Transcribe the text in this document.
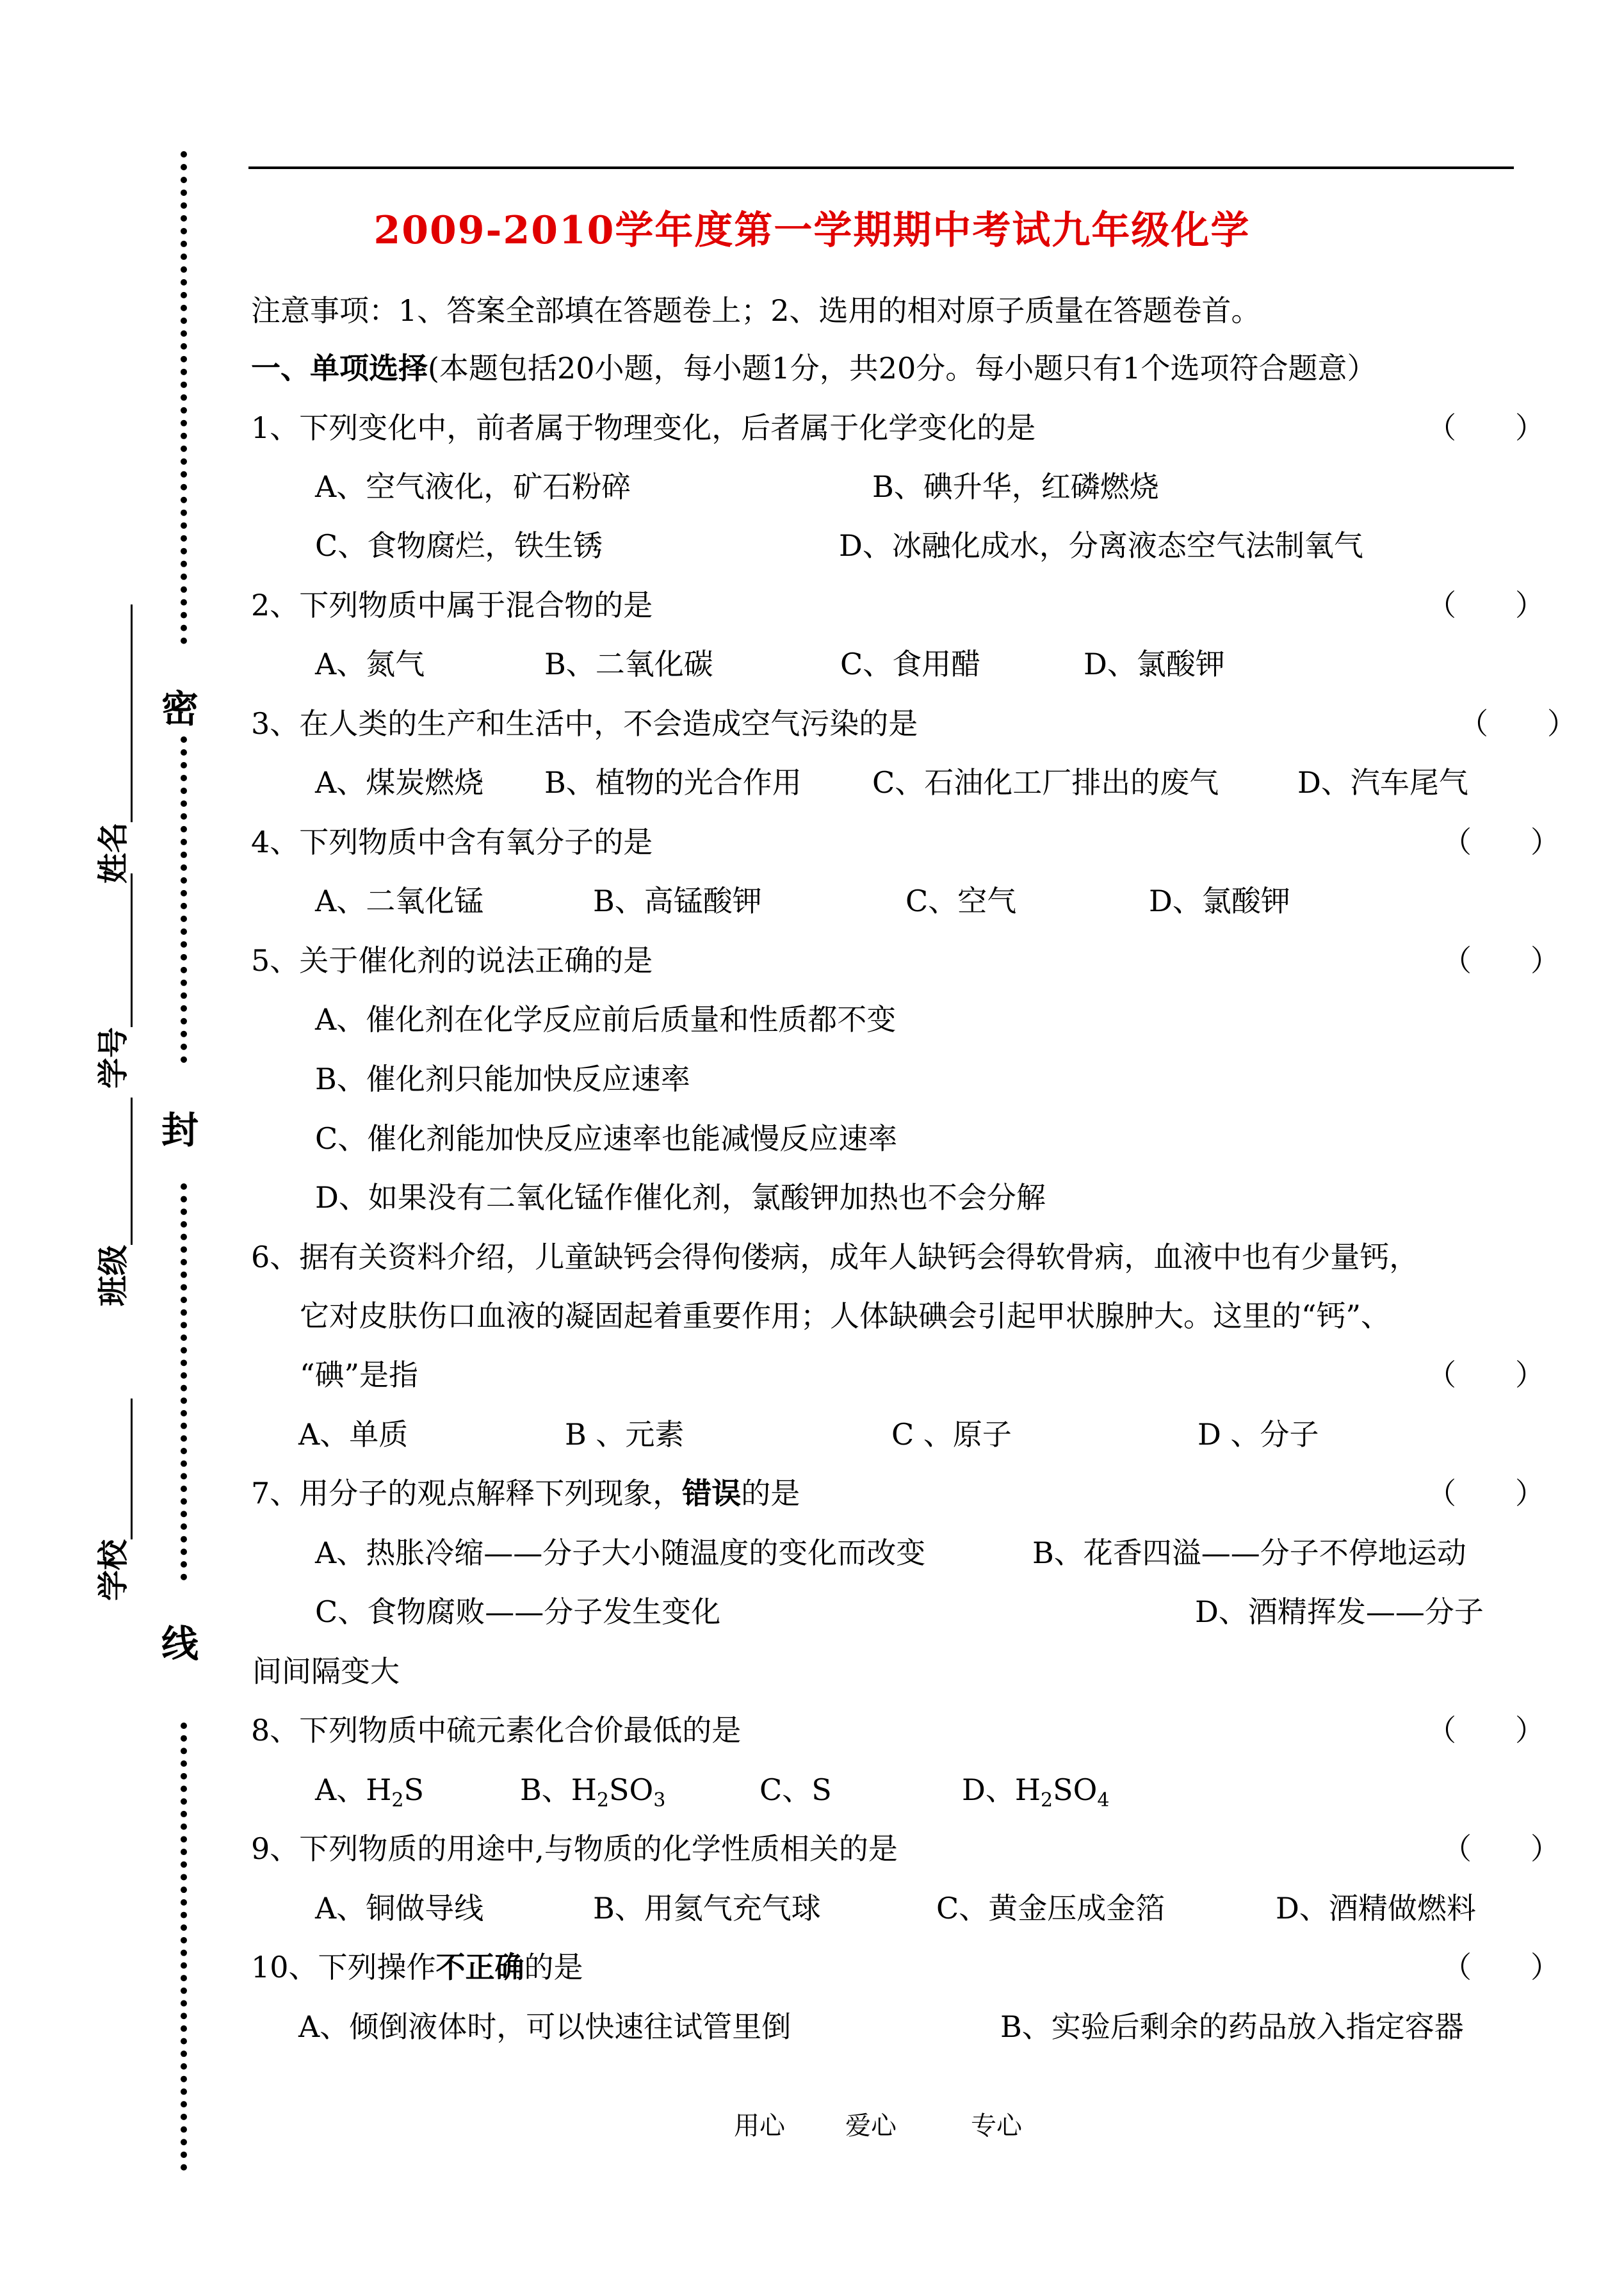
密
封
线
学校
班级
学号
姓名
2009-2010学年度第一学期期中考试九年级化学
注意事项：1、答案全部填在答题卷上；2、选用的相对原子质量在答题卷首。
一、单项选择(本题包括20小题，每小题1分，共20分。每小题只有1个选项符合题意）
1、下列变化中，前者属于物理变化，后者属于化学变化的是	（　　）
A、空气液化，矿石粉碎	B、碘升华，红磷燃烧
C、食物腐烂，铁生锈	D、冰融化成水，分离液态空气法制氧气
2、下列物质中属于混合物的是	（　　）
A、氮气	B、二氧化碳	C、食用醋	D、氯酸钾
3、在人类的生产和生活中，不会造成空气污染的是	（　　）
A、煤炭燃烧 B、植物的光合作用 C、石油化工厂排出的废气	D、汽车尾气
4、下列物质中含有氧分子的是	（　　）
A、二氧化锰	B、高锰酸钾	C、空气	D、氯酸钾
5、关于催化剂的说法正确的是	（　　）
A、催化剂在化学反应前后质量和性质都不变
B、催化剂只能加快反应速率
C、催化剂能加快反应速率也能减慢反应速率
D、如果没有二氧化锰作催化剂，氯酸钾加热也不会分解
6、据有关资料介绍，儿童缺钙会得佝偻病，成年人缺钙会得软骨病，血液中也有少量钙，
它对皮肤伤口血液的凝固起着重要作用；人体缺碘会引起甲状腺肿大。这里的“钙”、
“碘”是指	（　　）
A、单质	B 、元素	C 、原子	D 、分子
7、用分子的观点解释下列现象，错误的是	（　　）
A、热胀冷缩——分子大小随温度的变化而改变	B、花香四溢——分子不停地运动
C、食物腐败——分子发生变化	D、酒精挥发——分子
间间隔变大
8、下列物质中硫元素化合价最低的是	（　　）
A、$H_2S$	B、$H_2SO_3$	C、S	D、$H_2SO_4$
9、下列物质的用途中,与物质的化学性质相关的是	（　　）
A、铜做导线	B、用氦气充气球	C、黄金压成金箔	D、酒精做燃料
10、下列操作不正确的是	（　　）
A、倾倒液体时，可以快速往试管里倒	B、实验后剩余的药品放入指定容器
用心 爱心	专心
